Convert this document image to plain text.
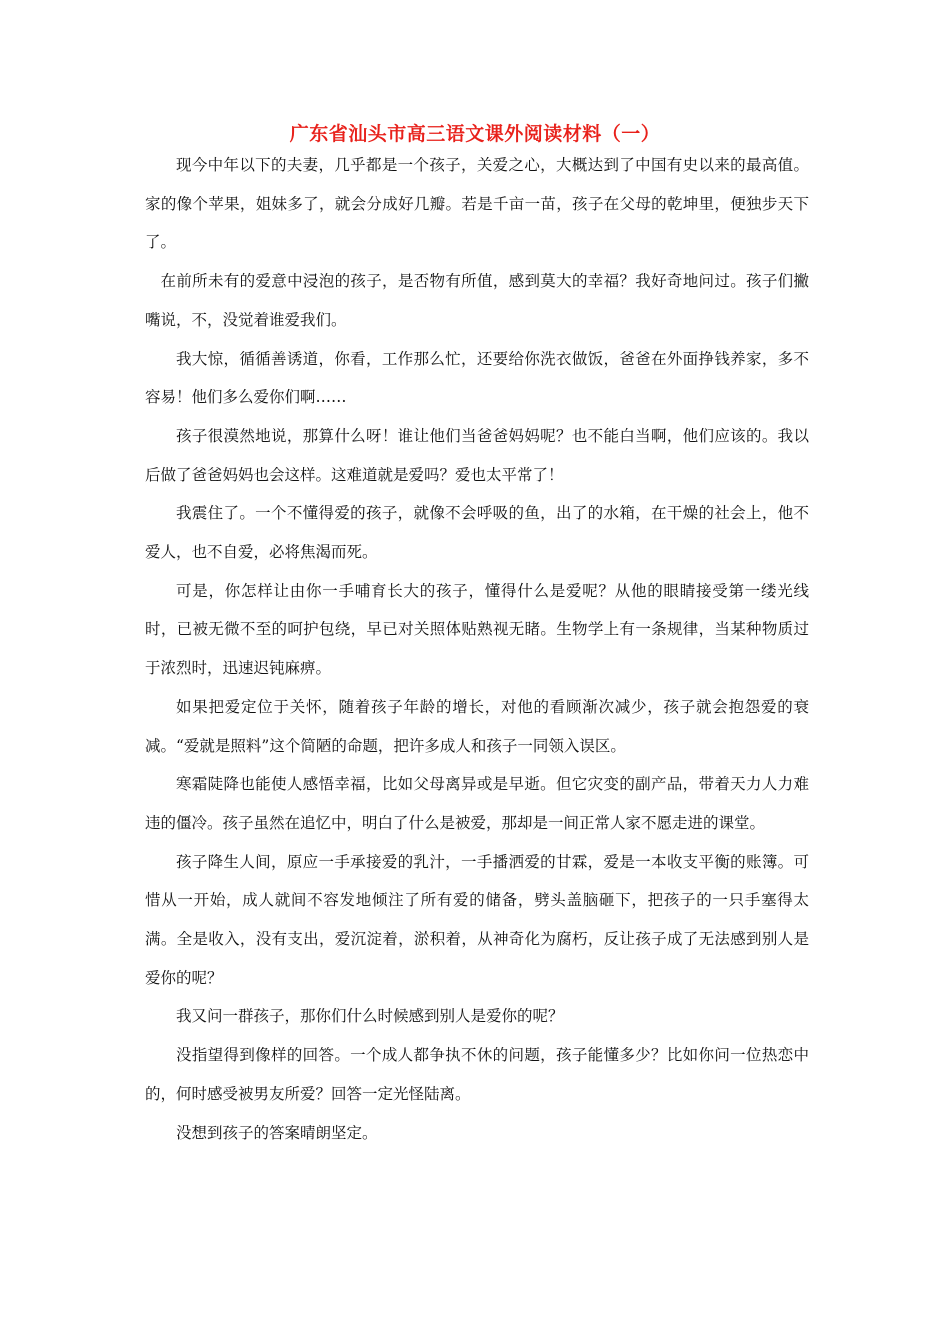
广东省汕头市高三语文课外阅读材料（一）

现今中年以下的夫妻，几乎都是一个孩子，关爱之心，大概达到了中国有史以来的最高值。家的像个苹果，姐妹多了，就会分成好几瓣。若是千亩一苗，孩子在父母的乾坤里，便独步天下了。

在前所未有的爱意中浸泡的孩子，是否物有所值，感到莫大的幸福？我好奇地问过。孩子们撇嘴说，不，没觉着谁爱我们。

我大惊，循循善诱道，你看，工作那么忙，还要给你洗衣做饭，爸爸在外面挣钱养家，多不容易！他们多么爱你们啊……

孩子很漠然地说，那算什么呀！谁让他们当爸爸妈妈呢？也不能白当啊，他们应该的。我以后做了爸爸妈妈也会这样。这难道就是爱吗？爱也太平常了！

我震住了。一个不懂得爱的孩子，就像不会呼吸的鱼，出了的水箱，在干燥的社会上，他不爱人，也不自爱，必将焦渴而死。

可是，你怎样让由你一手哺育长大的孩子，懂得什么是爱呢？从他的眼睛接受第一缕光线时，已被无微不至的呵护包绕，早已对关照体贴熟视无睹。生物学上有一条规律，当某种物质过于浓烈时，迅速迟钝麻痹。

如果把爱定位于关怀，随着孩子年龄的增长，对他的看顾渐次减少，孩子就会抱怨爱的衰减。“爱就是照料”这个简陋的命题，把许多成人和孩子一同领入误区。

寒霜陡降也能使人感悟幸福，比如父母离异或是早逝。但它灾变的副产品，带着天力人力难违的僵冷。孩子虽然在追忆中，明白了什么是被爱，那却是一间正常人家不愿走进的课堂。

孩子降生人间，原应一手承接爱的乳汁，一手播洒爱的甘霖，爱是一本收支平衡的账簿。可惜从一开始，成人就间不容发地倾注了所有爱的储备，劈头盖脑砸下，把孩子的一只手塞得太满。全是收入，没有支出，爱沉淀着，淤积着，从神奇化为腐朽，反让孩子成了无法感到别人是爱你的呢？

我又问一群孩子，那你们什么时候感到别人是爱你的呢？

没指望得到像样的回答。一个成人都争执不休的问题，孩子能懂多少？比如你问一位热恋中的，何时感受被男友所爱？回答一定光怪陆离。

没想到孩子的答案晴朗坚定。
